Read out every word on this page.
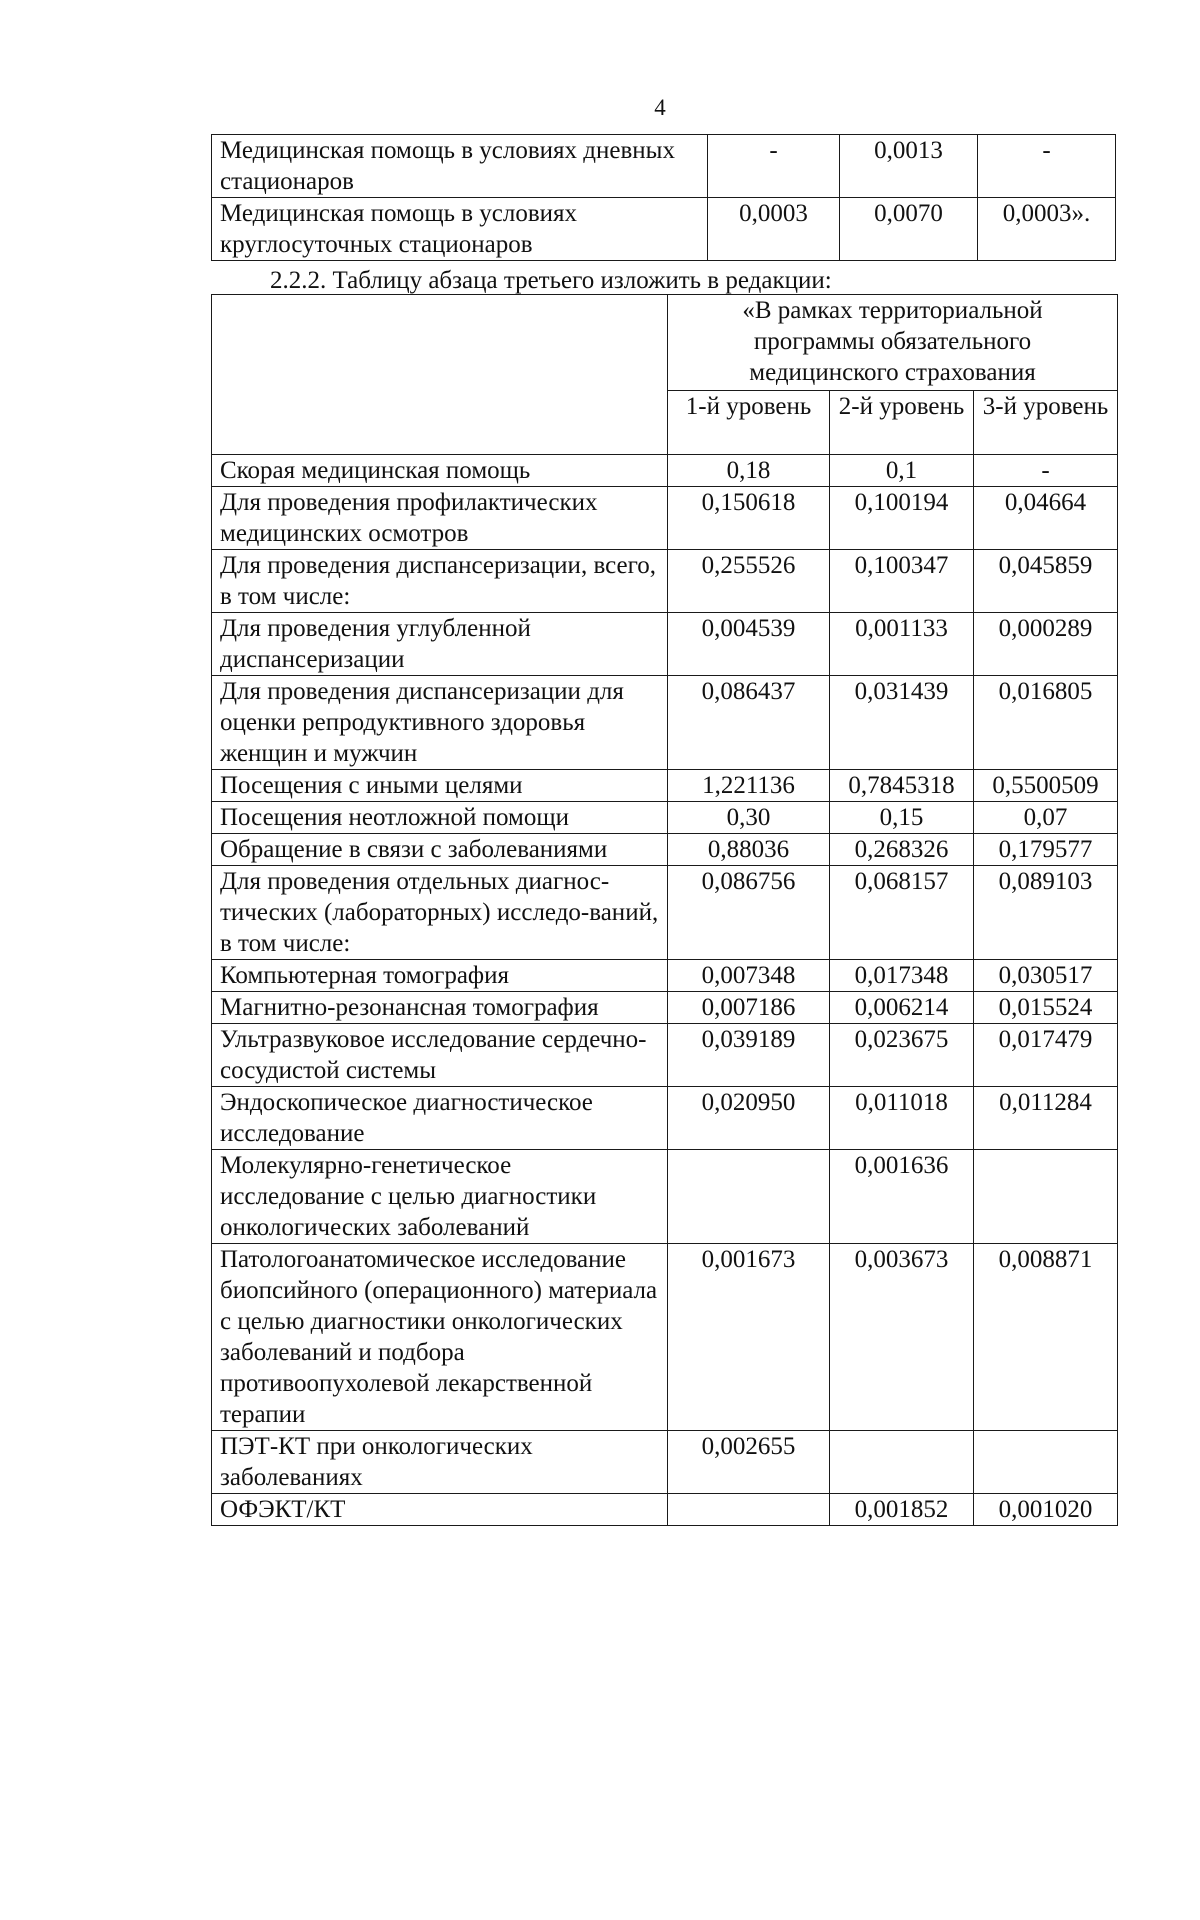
4
Медицинская помощь в условиях дневных стационаров	-	0,0013	-
Медицинская помощь в условиях круглосуточных стационаров	0,0003	0,0070	0,0003».
2.2.2. Таблицу абзаца третьего изложить в редакции:
	«В рамках территориальной программы обязательного медицинского страхования		
	1-й уровень	2-й уровень	3-й уровень
Скорая медицинская помощь	0,18	0,1	-
Для проведения профилактических медицинских осмотров	0,150618	0,100194	0,04664
Для проведения диспансеризации, всего, в том числе:	0,255526	0,100347	0,045859
Для проведения углубленной диспансеризации	0,004539	0,001133	0,000289
Для проведения диспансеризации для оценки репродуктивного здоровья женщин и мужчин	0,086437	0,031439	0,016805
Посещения с иными целями	1,221136	0,7845318	0,5500509
Посещения неотложной помощи	0,30	0,15	0,07
Обращение в связи с заболеваниями	0,88036	0,268326	0,179577
Для проведения отдельных диагнос-тических (лабораторных) исследо-ваний, в том числе:	0,086756	0,068157	0,089103
Компьютерная томография	0,007348	0,017348	0,030517
Магнитно-резонансная томография	0,007186	0,006214	0,015524
Ультразвуковое исследование сердечно-сосудистой системы	0,039189	0,023675	0,017479
Эндоскопическое диагностическое исследование	0,020950	0,011018	0,011284
Молекулярно-генетическое исследование с целью диагностики онкологических заболеваний		0,001636	
Патологоанатомическое исследование биопсийного (операционного) материала с целью диагностики онкологических заболеваний и подбора противоопухолевой лекарственной терапии	0,001673	0,003673	0,008871
ПЭТ-КТ при онкологических заболеваниях	0,002655		
ОФЭКТ/КТ		0,001852	0,001020
